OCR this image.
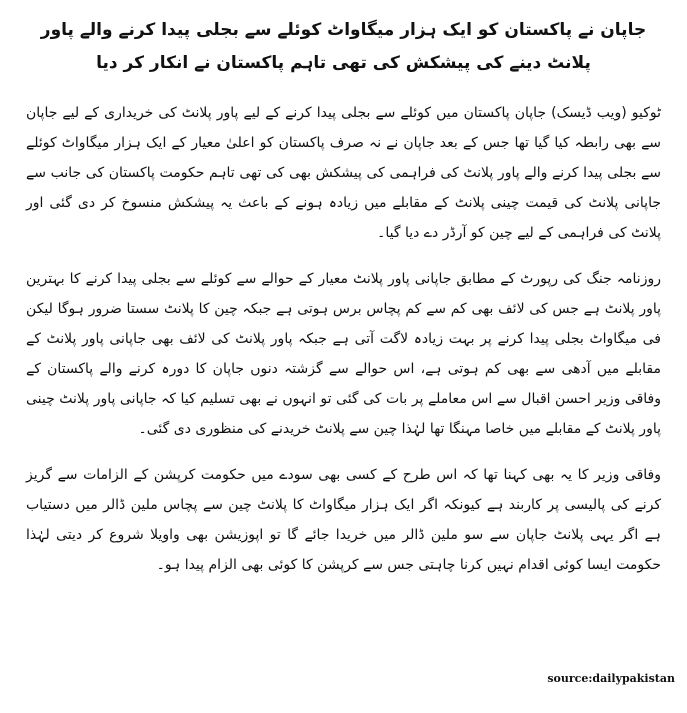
جاپان نے پاکستان کو ایک ہزار میگاواٹ کوئلے سے بجلی پیدا کرنے والے پاور پلانٹ دینے کی پیشکش کی تھی تاہم پاکستان نے انکار کر دیا

ٹوکیو (ویب ڈیسک) جاپان پاکستان میں کوئلے سے بجلی پیدا کرنے کے لیے پاور پلانٹ کی خریداری کے لیے جاپان سے بھی رابطہ کیا گیا تھا جس کے بعد جاپان نے نہ صرف پاکستان کو اعلیٰ معیار کے ایک ہزار میگاواٹ کوئلے سے بجلی پیدا کرنے والے پاور پلانٹ کی فراہمی کی پیشکش بھی کی تھی تاہم حکومت پاکستان کی جانب سے جاپانی پلانٹ کی قیمت چینی پلانٹ کے مقابلے میں زیادہ ہونے کے باعث یہ پیشکش منسوخ کر دی گئی اور پلانٹ کی فراہمی کے لیے چین کو آرڈر دے دیا گیا۔

روزنامہ جنگ کی رپورٹ کے مطابق جاپانی پاور پلانٹ معیار کے حوالے سے کوئلے سے بجلی پیدا کرنے کا بہترین پاور پلانٹ ہے جس کی لائف بھی کم سے کم پچاس برس ہوتی ہے جبکہ چین کا پلانٹ سستا ضرور ہوگا لیکن فی میگاواٹ بجلی پیدا کرنے پر بہت زیادہ لاگت آتی ہے جبکہ پاور پلانٹ کی لائف بھی جاپانی پاور پلانٹ کے مقابلے میں آدھی سے بھی کم ہوتی ہے، اس حوالے سے گزشتہ دنوں جاپان کا دورہ کرنے والے پاکستان کے وفاقی وزیر احسن اقبال سے اس معاملے پر بات کی گئی تو انہوں نے بھی تسلیم کیا کہ جاپانی پاور پلانٹ چینی پاور پلانٹ کے مقابلے میں خاصا مہنگا تھا لہٰذا چین سے پلانٹ خریدنے کی منظوری دی گئی۔

وفاقی وزیر کا یہ بھی کہنا تھا کہ اس طرح کے کسی بھی سودے میں حکومت کرپشن کے الزامات سے گریز کرنے کی پالیسی پر کاربند ہے کیونکہ اگر ایک ہزار میگاواٹ کا پلانٹ چین سے پچاس ملین ڈالر میں دستیاب ہے اگر یہی پلانٹ جاپان سے سو ملین ڈالر میں خریدا جائے گا تو اپوزیشن بھی واویلا شروع کر دیتی لہٰذا حکومت ایسا کوئی اقدام نہیں کرنا چاہتی جس سے کرپشن کا کوئی بھی الزام پیدا ہو۔

source:dailypakistan
